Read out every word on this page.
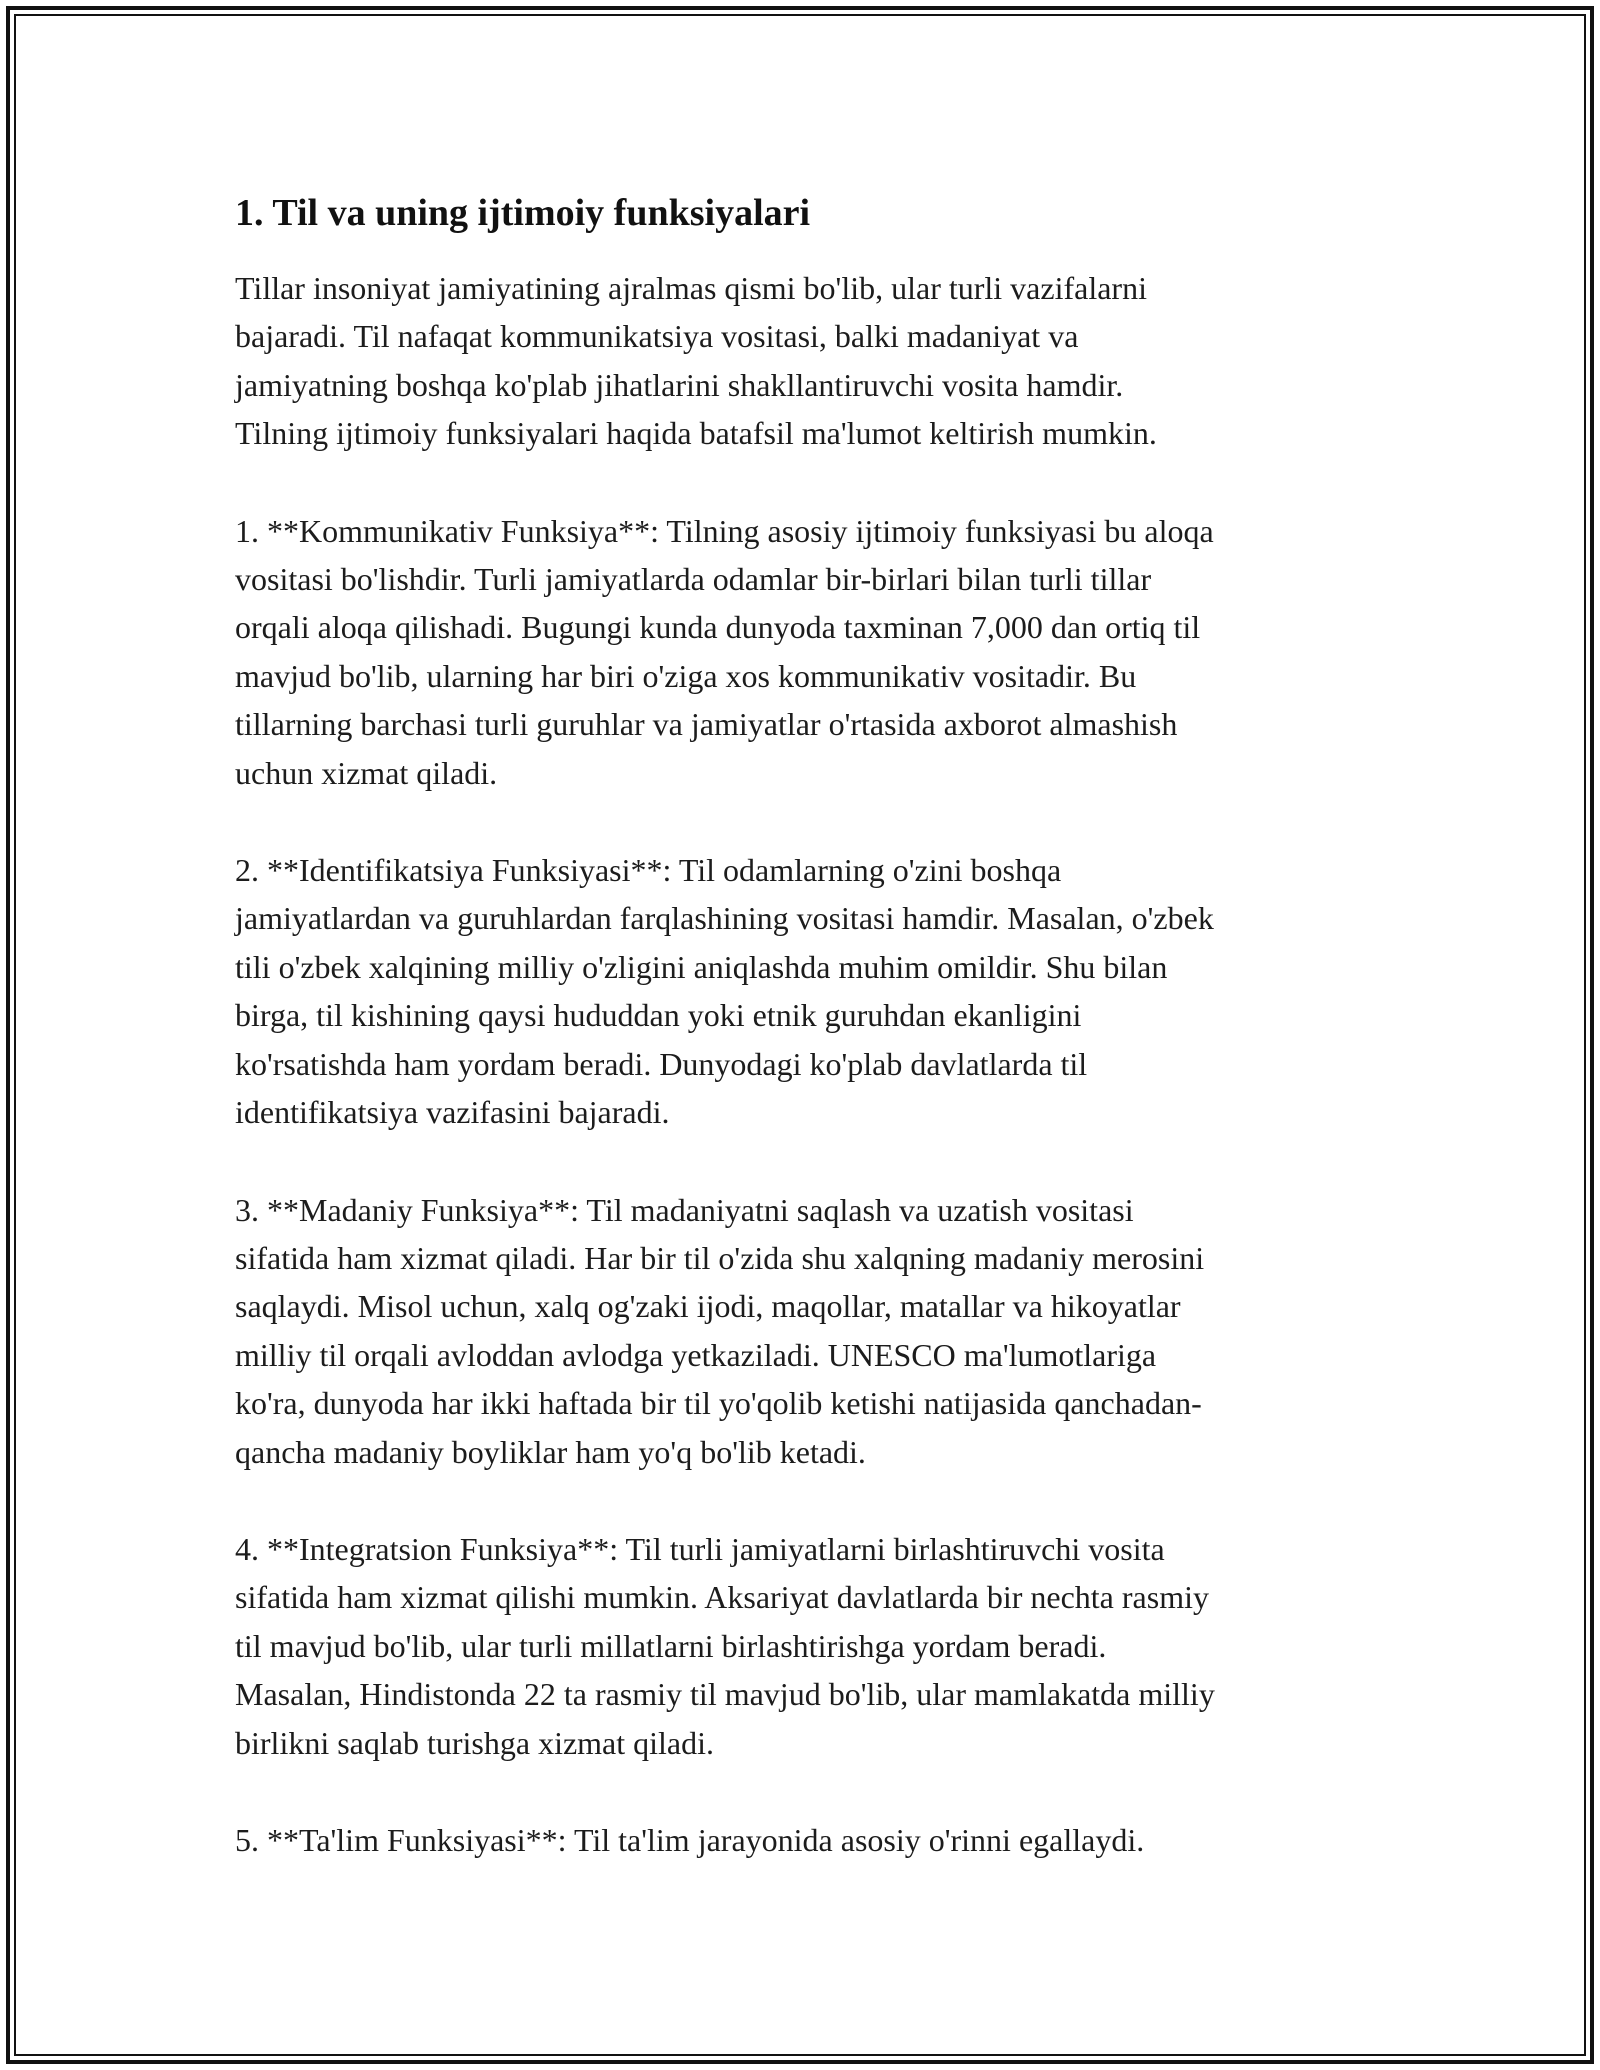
1. Til va uning ijtimoiy funksiyalari

Tillar insoniyat jamiyatining ajralmas qismi bo'lib, ular turli vazifalarni
bajaradi. Til nafaqat kommunikatsiya vositasi, balki madaniyat va
jamiyatning boshqa ko'plab jihatlarini shakllantiruvchi vosita hamdir.
Tilning ijtimoiy funksiyalari haqida batafsil ma'lumot keltirish mumkin.

1. **Kommunikativ Funksiya**: Tilning asosiy ijtimoiy funksiyasi bu aloqa
vositasi bo'lishdir. Turli jamiyatlarda odamlar bir-birlari bilan turli tillar
orqali aloqa qilishadi. Bugungi kunda dunyoda taxminan 7,000 dan ortiq til
mavjud bo'lib, ularning har biri o'ziga xos kommunikativ vositadir. Bu
tillarning barchasi turli guruhlar va jamiyatlar o'rtasida axborot almashish
uchun xizmat qiladi.

2. **Identifikatsiya Funksiyasi**: Til odamlarning o'zini boshqa
jamiyatlardan va guruhlardan farqlashining vositasi hamdir. Masalan, o'zbek
tili o'zbek xalqining milliy o'zligini aniqlashda muhim omildir. Shu bilan
birga, til kishining qaysi hududdan yoki etnik guruhdan ekanligini
ko'rsatishda ham yordam beradi. Dunyodagi ko'plab davlatlarda til
identifikatsiya vazifasini bajaradi.

3. **Madaniy Funksiya**: Til madaniyatni saqlash va uzatish vositasi
sifatida ham xizmat qiladi. Har bir til o'zida shu xalqning madaniy merosini
saqlaydi. Misol uchun, xalq og'zaki ijodi, maqollar, matallar va hikoyatlar
milliy til orqali avloddan avlodga yetkaziladi. UNESCO ma'lumotlariga
ko'ra, dunyoda har ikki haftada bir til yo'qolib ketishi natijasida qanchadan-
qancha madaniy boyliklar ham yo'q bo'lib ketadi.

4. **Integratsion Funksiya**: Til turli jamiyatlarni birlashtiruvchi vosita
sifatida ham xizmat qilishi mumkin. Aksariyat davlatlarda bir nechta rasmiy
til mavjud bo'lib, ular turli millatlarni birlashtirishga yordam beradi.
Masalan, Hindistonda 22 ta rasmiy til mavjud bo'lib, ular mamlakatda milliy
birlikni saqlab turishga xizmat qiladi.

5. **Ta'lim Funksiyasi**: Til ta'lim jarayonida asosiy o'rinni egallaydi.
